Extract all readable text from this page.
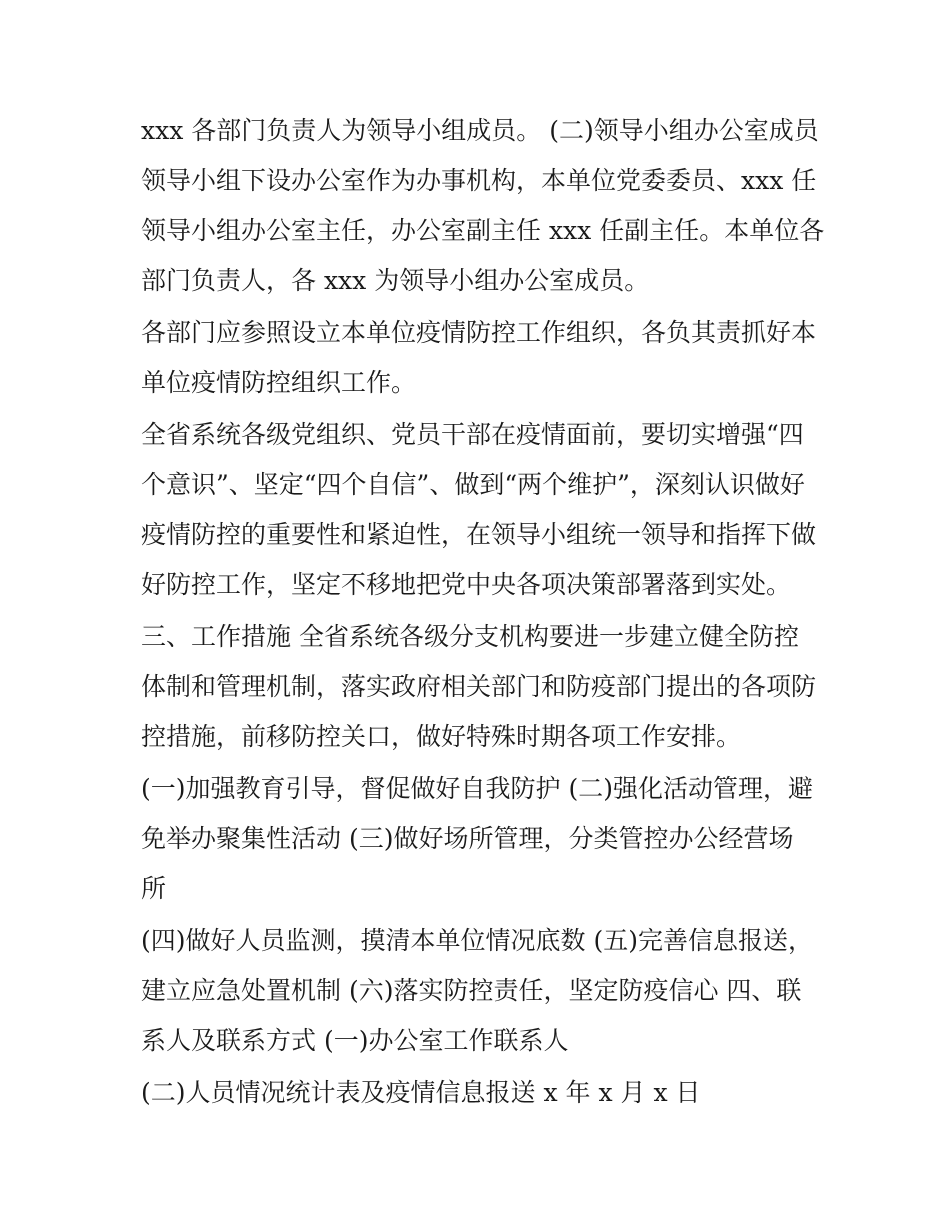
xxx 各部门负责人为领导小组成员。 (二)领导小组办公室成员
领导小组下设办公室作为办事机构，本单位党委委员、xxx 任
领导小组办公室主任，办公室副主任 xxx 任副主任。本单位各
部门负责人，各 xxx 为领导小组办公室成员。
各部门应参照设立本单位疫情防控工作组织，各负其责抓好本
单位疫情防控组织工作。
全省系统各级党组织、党员干部在疫情面前，要切实增强“四
个意识”、坚定“四个自信”、做到“两个维护”，深刻认识做好
疫情防控的重要性和紧迫性，在领导小组统一领导和指挥下做
好防控工作，坚定不移地把党中央各项决策部署落到实处。
三、工作措施 全省系统各级分支机构要进一步建立健全防控
体制和管理机制，落实政府相关部门和防疫部门提出的各项防
控措施，前移防控关口，做好特殊时期各项工作安排。
(一)加强教育引导，督促做好自我防护 (二)强化活动管理，避
免举办聚集性活动 (三)做好场所管理，分类管控办公经营场
所
(四)做好人员监测，摸清本单位情况底数 (五)完善信息报送，
建立应急处置机制 (六)落实防控责任，坚定防疫信心 四、联
系人及联系方式 (一)办公室工作联系人
(二)人员情况统计表及疫情信息报送 x 年 x 月 x 日
